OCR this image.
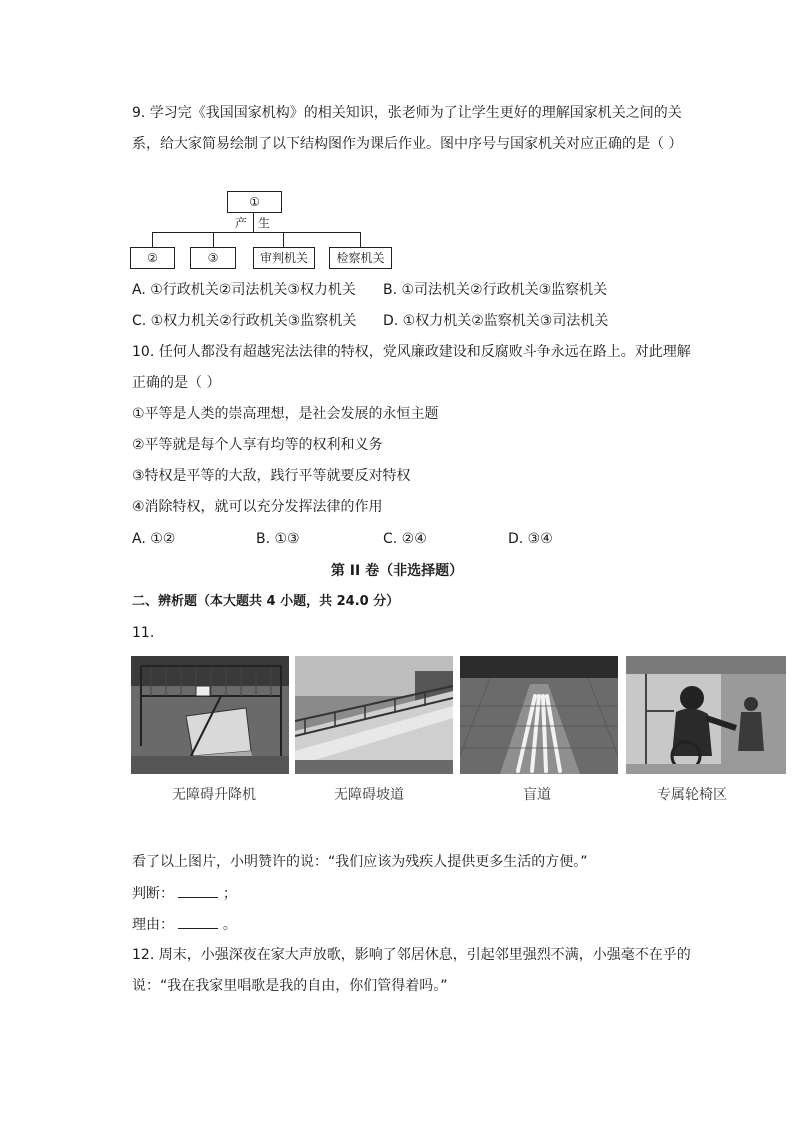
9. 学习完《我国国家机构》的相关知识，张老师为了让学生更好的理解国家机关之间的关
系，给大家简易绘制了以下结构图作为课后作业。图中序号与国家机关对应正确的是（ ）
①
产 生
②	③	审判机关	检察机关
A. ①行政机关②司法机关③权力机关 B. ①司法机关②行政机关③监察机关
C. ①权力机关②行政机关③监察机关 D. ①权力机关②监察机关③司法机关
10. 任何人都没有超越宪法法律的特权，党风廉政建设和反腐败斗争永远在路上。对此理解
正确的是（ ）
①平等是人类的崇高理想，是社会发展的永恒主题
②平等就是每个人享有均等的权利和义务
③特权是平等的大敌，践行平等就要反对特权
④消除特权，就可以充分发挥法律的作用
A. ①②	B. ①③	C. ②④	D. ③④
第 II 卷（非选择题）
二、辨析题（本大题共 4 小题，共 24.0 分）
11.
无障碍升降机	无障碍坡道	盲道	专属轮椅区
看了以上图片，小明赞许的说：“我们应该为残疾人提供更多生活的方便。”
判断：	；
理由：	。
12. 周末，小强深夜在家大声放歌，影响了邻居休息，引起邻里强烈不满，小强毫不在乎的
说：“我在我家里唱歌是我的自由，你们管得着吗。”
